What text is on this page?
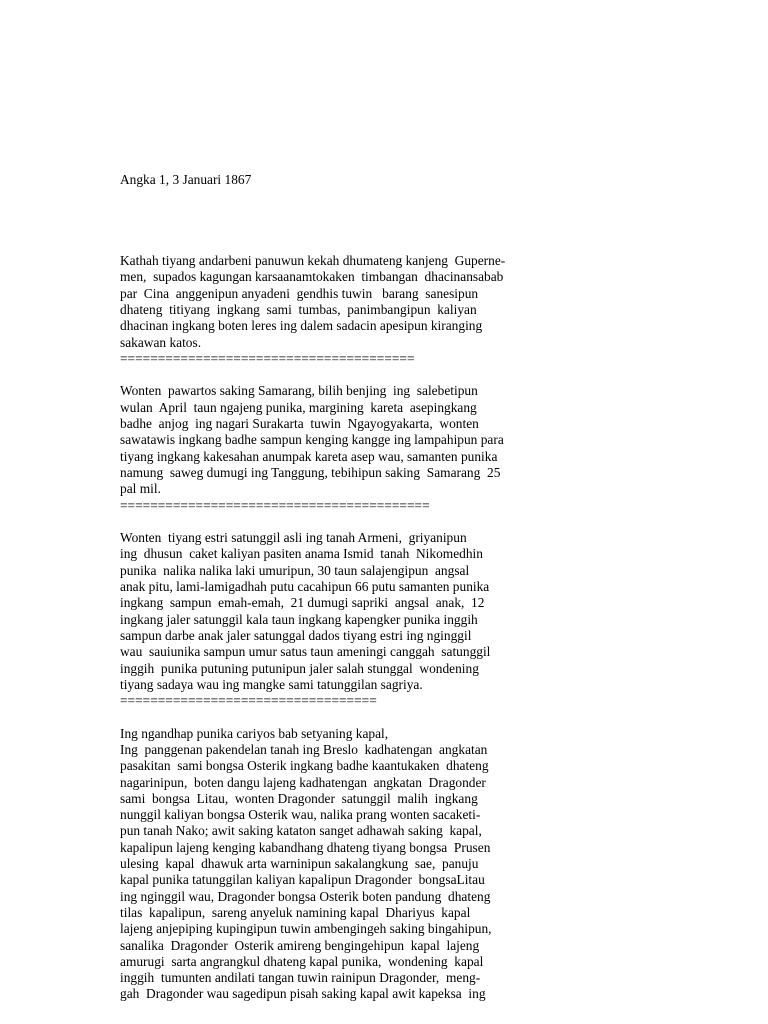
Angka 1, 3 Januari 1867

Kathah tiyang andarbeni panuwun kekah dhumateng kanjeng  Guperne-
men,  supados kagungan karsaanamtokaken  timbangan  dhacinansabab
par  Cina  anggenipun anyadeni  gendhis tuwin   barang  sanesipun
dhateng  titiyang  ingkang  sami  tumbas,  panimbangipun  kaliyan
dhacinan ingkang boten leres ing dalem sadacin apesipun kiranging
sakawan katos.
=======================================
Wonten  pawartos saking Samarang, bilih benjing  ing  salebetipun
wulan  April  taun ngajeng punika, margining  kareta  asepingkang
badhe  anjog  ing nagari Surakarta  tuwin  Ngayogyakarta,  wonten
sawatawis ingkang badhe sampun kenging kangge ing lampahipun para
tiyang ingkang kakesahan anumpak kareta asep wau, samanten punika
namung  saweg dumugi ing Tanggung, tebihipun saking  Samarang  25
pal mil.
=========================================
Wonten  tiyang estri satunggil asli ing tanah Armeni,  griyanipun
ing  dhusun  caket kaliyan pasiten anama Ismid  tanah  Nikomedhin
punika  nalika nalika laki umuripun, 30 taun salajengipun  angsal
anak pitu, lami-lamigadhah putu cacahipun 66 putu samanten punika
ingkang  sampun  emah-emah,  21 dumugi sapriki  angsal  anak,  12
ingkang jaler satunggil kala taun ingkang kapengker punika inggih
sampun darbe anak jaler satunggal dados tiyang estri ing nginggil
wau  sauiunika sampun umur satus taun ameningi canggah  satunggil
inggih  punika putuning putunipun jaler salah stunggal  wondening
tiyang sadaya wau ing mangke sami tatunggilan sagriya.
==================================
Ing ngandhap punika cariyos bab setyaning kapal,
Ing  panggenan pakendelan tanah ing Breslo  kadhatengan  angkatan
pasakitan  sami bongsa Osterik ingkang badhe kaantukaken  dhateng
nagarinipun,  boten dangu lajeng kadhatengan  angkatan  Dragonder
sami  bongsa  Litau,  wonten Dragonder  satunggil  malih  ingkang
nunggil kaliyan bongsa Osterik wau, nalika prang wonten sacaketi-
pun tanah Nako; awit saking kataton sanget adhawah saking  kapal,
kapalipun lajeng kenging kabandhang dhateng tiyang bongsa  Prusen
ulesing  kapal  dhawuk arta warninipun sakalangkung  sae,  panuju
kapal punika tatunggilan kaliyan kapalipun Dragonder  bongsaLitau
ing nginggil wau, Dragonder bongsa Osterik boten pandung  dhateng
tilas  kapalipun,  sareng anyeluk namining kapal  Dhariyus  kapal
lajeng anjepiping kupingipun tuwin ambengingeh saking bingahipun,
sanalika  Dragonder  Osterik amireng bengingehipun  kapal  lajeng
amurugi  sarta angrangkul dhateng kapal punika,  wondening  kapal
inggih  tumunten andilati tangan tuwin rainipun Dragonder,  meng-
gah  Dragonder wau sagedipun pisah saking kapal awit kapeksa  ing
